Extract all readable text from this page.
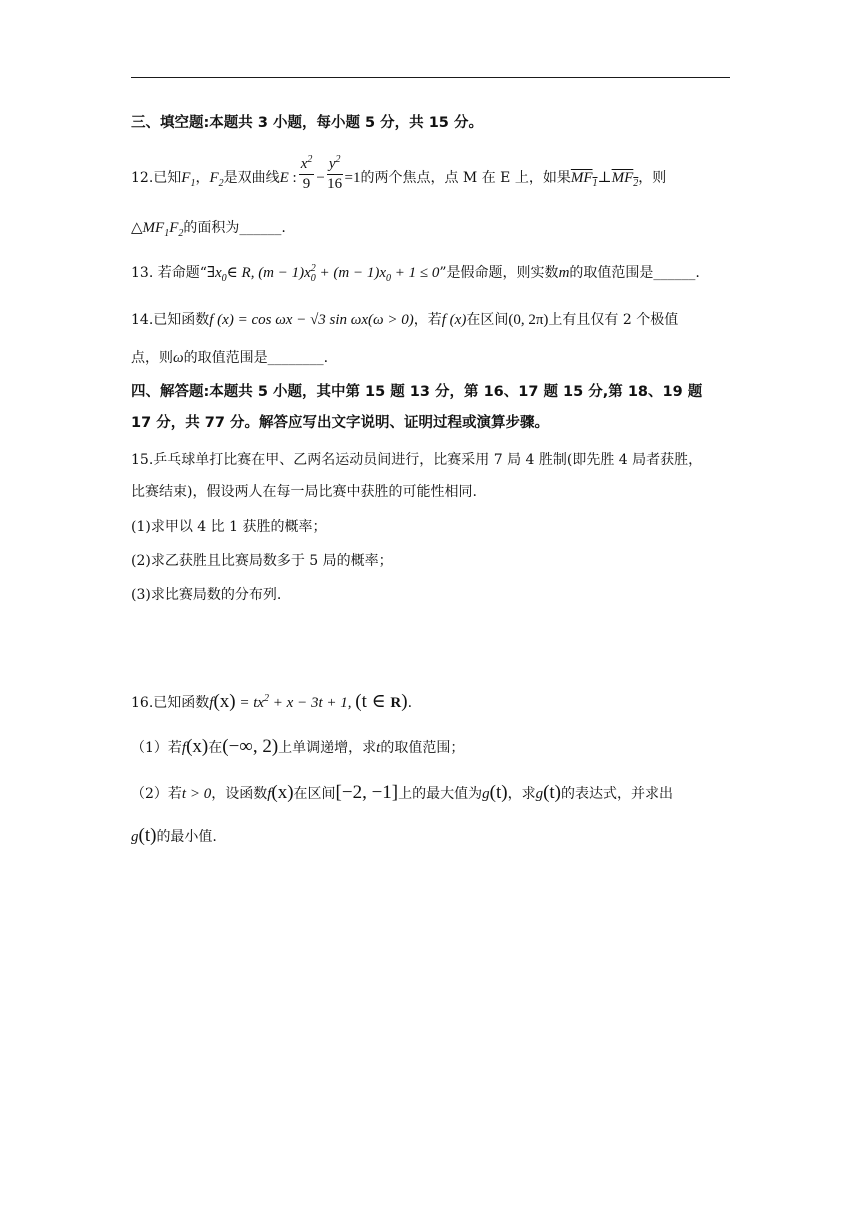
三、填空题:本题共 3 小题，每小题 5 分，共 15 分。
12.已知$F_1$，$F_2$是双曲线E : $\frac{x^2}{9} - \frac{y^2}{16} =1$的两个焦点，点 M 在 E 上，如果$MF_1\perp MF_2$，则
$\triangle MF_1F_2$的面积为______.
13. 若命题“$\exists x_0\in$ R, $(m - 1)x^2_0 + (m - 1)x_0 + 1 \le 0$”是假命题，则实数m的取值范围是______.
14.已知函数f (x) = cos ωx − √3 sin ωx(ω > 0)，若f (x)在区间(0, 2π)上有且仅有 2 个极值
点，则ω的取值范围是________.
四、解答题:本题共 5 小题，其中第 15 题 13 分，第 16、17 题 15 分,第 18、19 题
17 分，共 77 分。解答应写出文字说明、证明过程或演算步骤。
15.乒乓球单打比赛在甲、乙两名运动员间进行，比赛采用 7 局 4 胜制(即先胜 4 局者获胜，
比赛结束)，假设两人在每一局比赛中获胜的可能性相同.
(1)求甲以 4 比 1 获胜的概率；
(2)求乙获胜且比赛局数多于 5 局的概率；
(3)求比赛局数的分布列.
16.已知函数$f(x) = tx^2 + x - 3t + 1$, (t ∈ R).
（1）若f(x)在(−∞, 2)上单调递增，求t的取值范围；
（2）若t > 0，设函数f(x)在区间[−2, −1]上的最大值为g(t)，求g(t)的表达式，并求出
g(t)的最小值.
